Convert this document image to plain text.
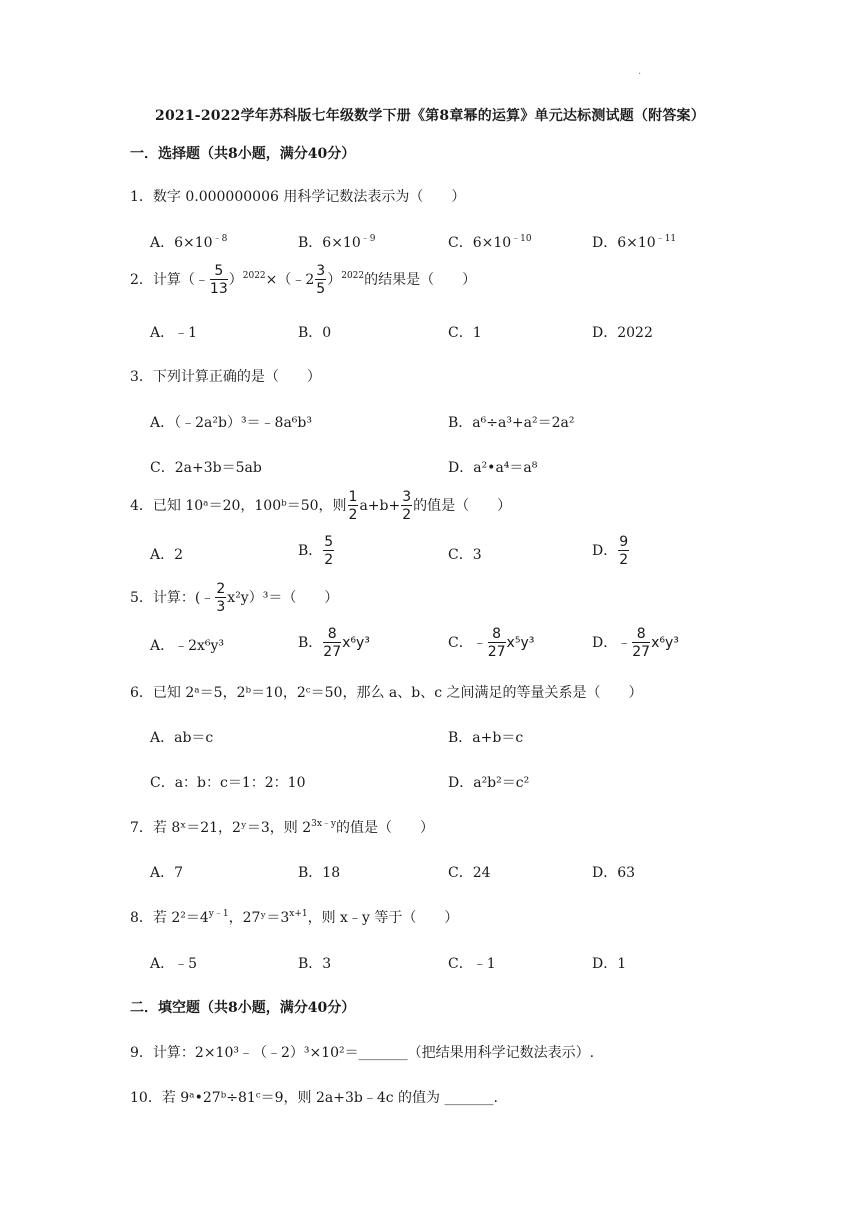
.
2021-2022学年苏科版七年级数学下册《第8章幂的运算》单元达标测试题（附答案）
一．选择题（共8小题，满分40分）
1．数字 0.000000006 用科学记数法表示为（　　）
A．$6\times 10^{﹣8}$	B．$6\times 10^{﹣9}$	C．$6\times 10^{﹣10}$	D．$6\times 10^{﹣11}$
2．计算（﹣ $\frac{5}{13}$ ）$^{2022}$×（﹣2 $\frac{3}{5} )^{2022}$的结果是（　　）
A．﹣1	B．0	C．1	D．2022
3．下列计算正确的是（　　）
A．（﹣2a²b）³＝﹣8a⁶b³	B．a⁶÷a³+a²＝2a²
C．2a+3b＝5ab	D．a²•a⁴＝a⁸
4．已知 10ᵃ＝20，100ᵇ＝50，则 $\frac{1}{2} a+b+ \frac{3}{2}$ 的值是（　　）
A．2	B． $\frac{5}{2}$	C．3	D． $\frac{9}{2}$
5．计算：(﹣ $\frac{2}{3} x^2y)^3=$（　　）
A．﹣2x⁶y³	B． $\frac{8}{27} x^6y^3$	C．﹣ $\frac{8}{27} x^5y^3$	D．﹣ $\frac{8}{27} x^6y^3$
6．已知 2ᵃ＝5，2ᵇ＝10，2ᶜ＝50，那么 a、b、c 之间满足的等量关系是（　　）
A．ab＝c	B．a+b＝c
C．a：b：c＝1：2：10	D．a²b²＝c²
7．若 8ˣ＝21，2ʸ＝3，则 $2^{3x﹣y}$的值是（　　）
A．7	B．18	C．24	D．63
8．若 $2^2=4^{y﹣1}$，$27ʸ=3^{x+1}$，则 x﹣y 等于（　　）
A．﹣5	B．3	C．﹣1	D．1
二．填空题（共8小题，满分40分）
9．计算：2×10³﹣（﹣2）³×10²＝_______（把结果用科学记数法表示）.
10．若 9ᵃ•27ᵇ÷81ᶜ＝9，则 2a+3b﹣4c 的值为 _______.
